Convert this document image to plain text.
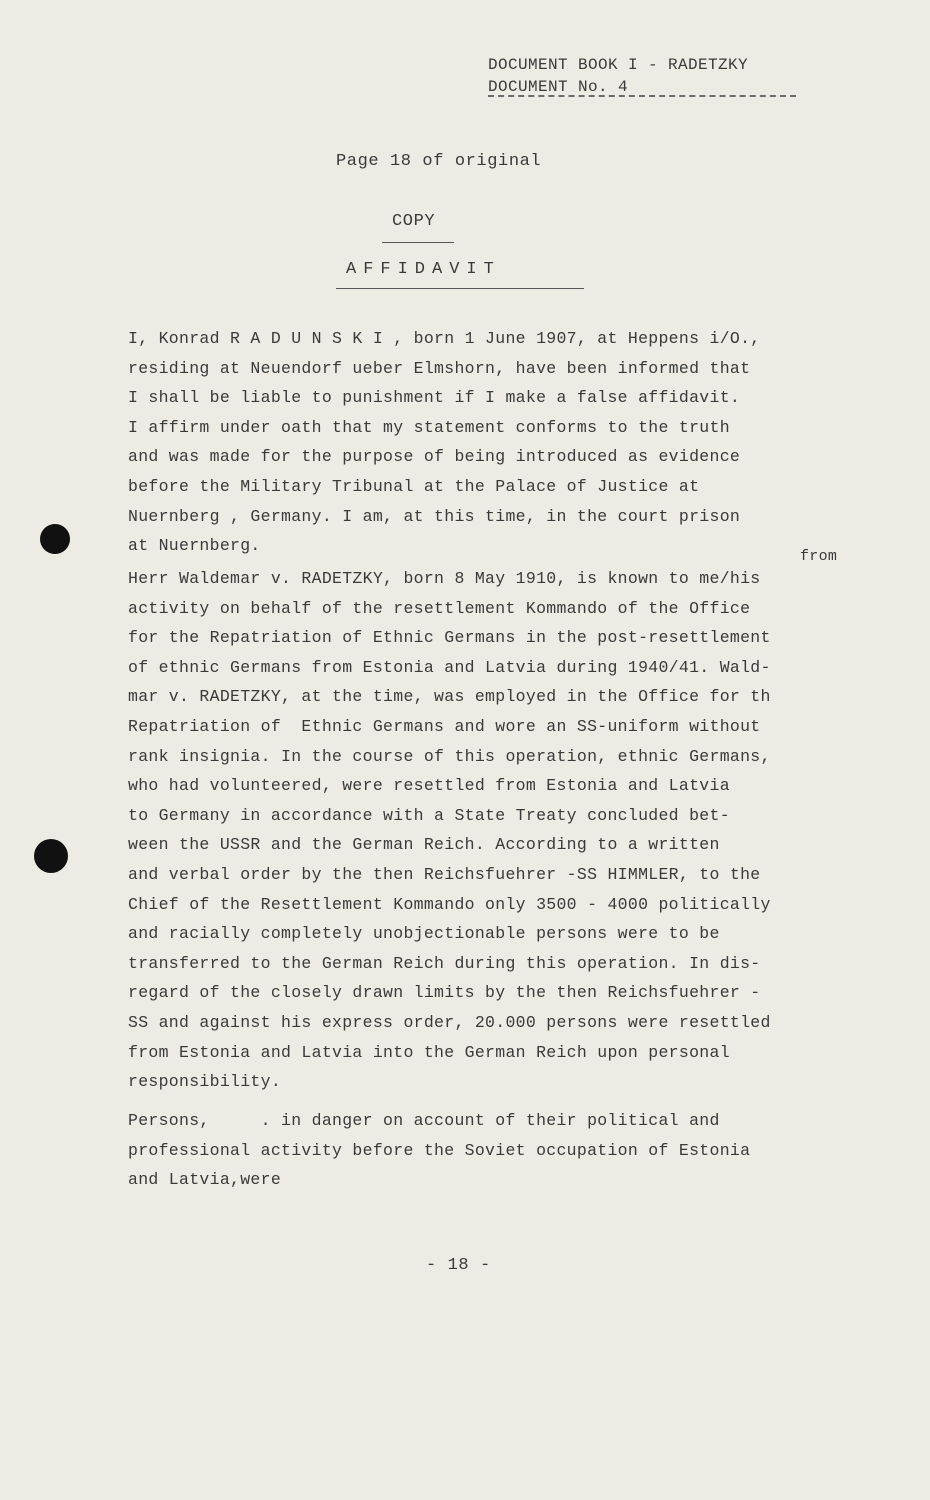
DOCUMENT BOOK I - RADETZKY
DOCUMENT No. 4
Page 18 of original
COPY
AFFIDAVIT
I, Konrad R A D U N S K I , born 1 June 1907, at Heppens i/O.,
residing at Neuendorf ueber Elmshorn, have been informed that
I shall be liable to punishment if I make a false affidavit.
I affirm under oath that my statement conforms to the truth
and was made for the purpose of being introduced as evidence
before the Military Tribunal at the Palace of Justice at
Nuernberg , Germany. I am, at this time, in the court prison
at Nuernberg.
from
Herr Waldemar v. RADETZKY, born 8 May 1910, is known to me/his
activity on behalf of the resettlement Kommando of the Office
for the Repatriation of Ethnic Germans in the post-resettlement
of ethnic Germans from Estonia and Latvia during 1940/41. Wald-
mar v. RADETZKY, at the time, was employed in the Office for th
Repatriation of  Ethnic Germans and wore an SS-uniform without
rank insignia. In the course of this operation, ethnic Germans,
who had volunteered, were resettled from Estonia and Latvia
to Germany in accordance with a State Treaty concluded bet-
ween the USSR and the German Reich. According to a written
and verbal order by the then Reichsfuehrer -SS HIMMLER, to the
Chief of the Resettlement Kommando only 3500 - 4000 politically
and racially completely unobjectionable persons were to be
transferred to the German Reich during this operation. In dis-
regard of the closely drawn limits by the then Reichsfuehrer -
SS and against his express order, 20.000 persons were resettled
from Estonia and Latvia into the German Reich upon personal
responsibility.
Persons,     . in danger on account of their political and
professional activity before the Soviet occupation of Estonia
and Latvia,were
- 18 -
